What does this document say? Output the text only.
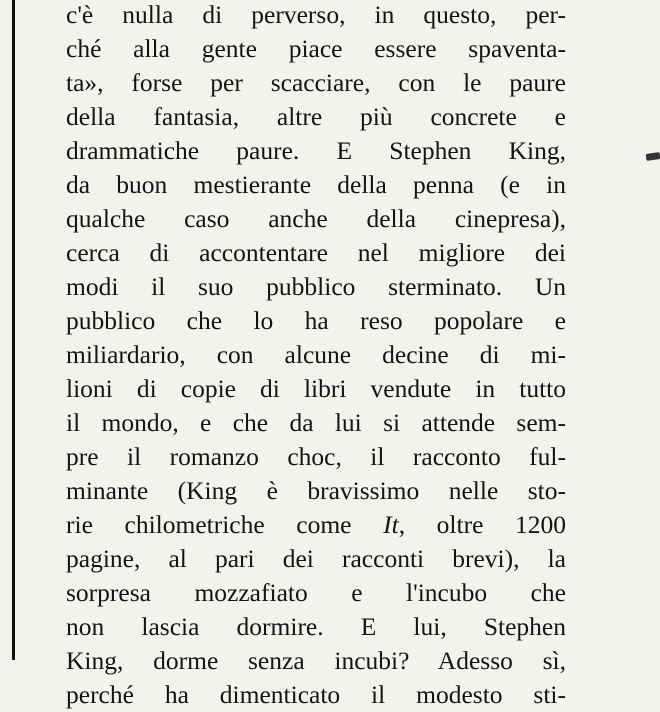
c'è nulla di perverso, in questo, per-
ché alla gente piace essere spaventa-
ta», forse per scacciare, con le paure
della fantasia, altre più concrete e
drammatiche paure. E Stephen King,
da buon mestierante della penna (e in
qualche caso anche della cinepresa),
cerca di accontentare nel migliore dei
modi il suo pubblico sterminato. Un
pubblico che lo ha reso popolare e
miliardario, con alcune decine di mi-
lioni di copie di libri vendute in tutto
il mondo, e che da lui si attende sem-
pre il romanzo choc, il racconto ful-
minante (King è bravissimo nelle sto-
rie chilometriche come It, oltre 1200
pagine, al pari dei racconti brevi), la
sorpresa mozzafiato e l'incubo che
non lascia dormire. E lui, Stephen
King, dorme senza incubi? Adesso sì,
perché ha dimenticato il modesto sti-
